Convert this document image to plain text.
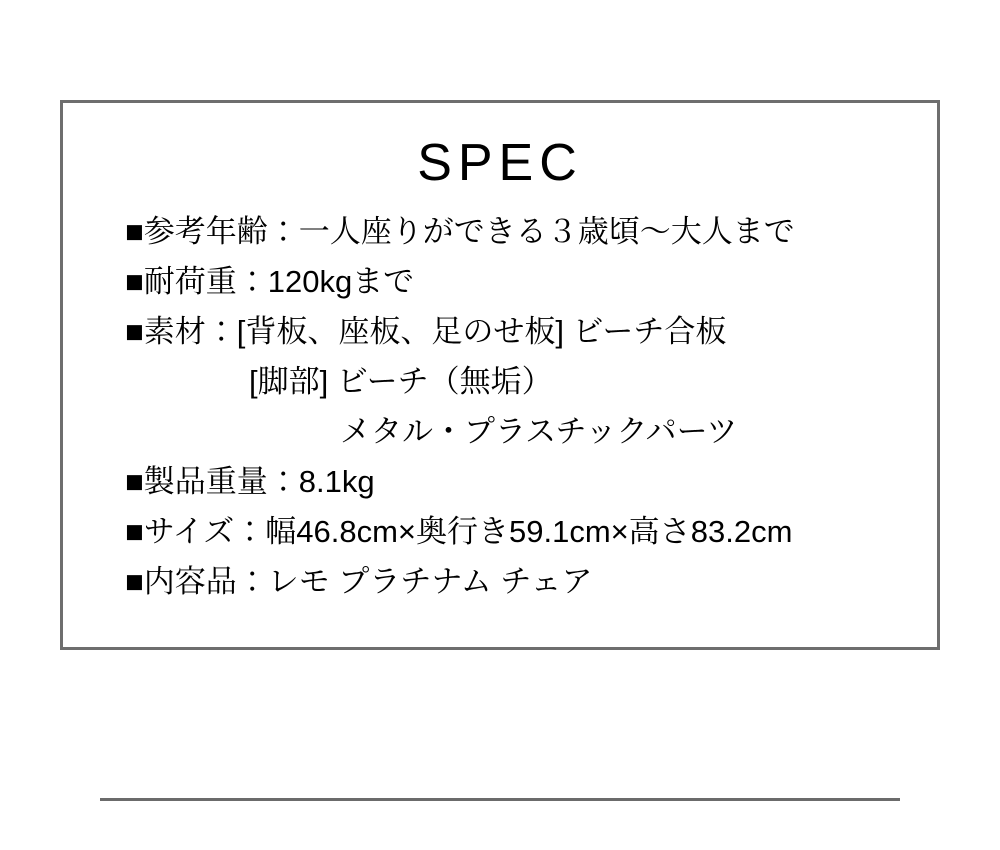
SPEC
■参考年齢：一人座りができる３歳頃〜大人まで
■耐荷重：120kgまで
■素材：[背板、座板、足のせ板] ビーチ合板
[脚部] ビーチ（無垢）
メタル・プラスチックパーツ
■製品重量：8.1kg
■サイズ：幅46.8cm×奥行き59.1cm×高さ83.2cm
■内容品：レモ プラチナム チェア
